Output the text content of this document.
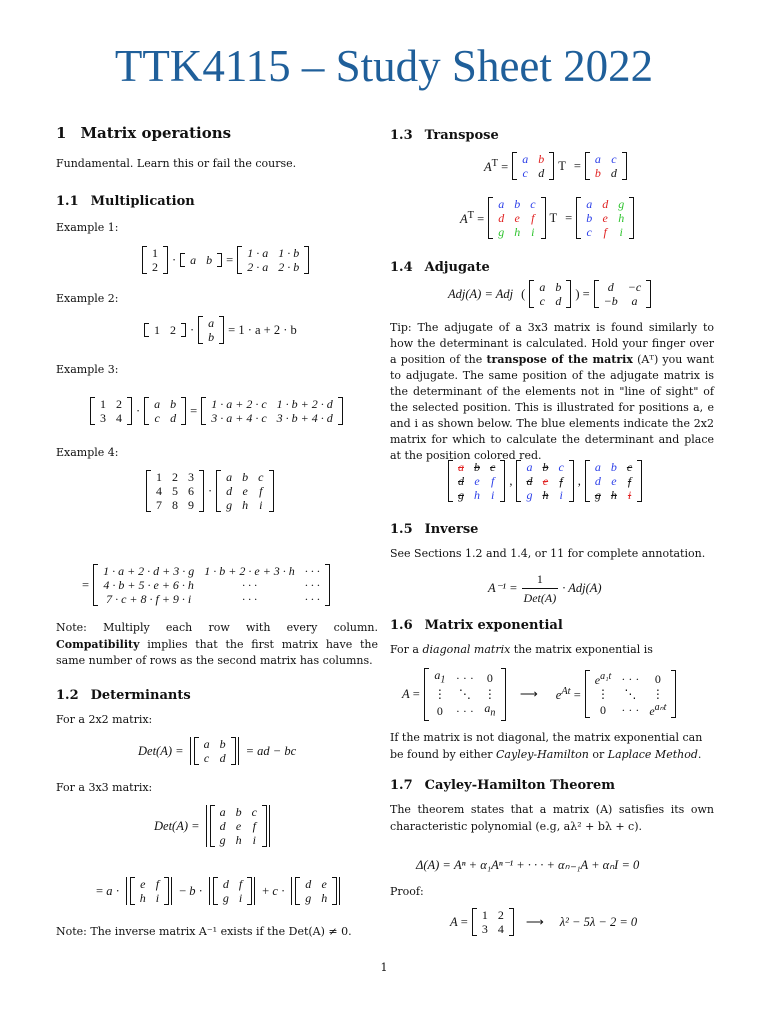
TTK4115 – Study Sheet 2022
1 Matrix operations

Fundamental. Learn this or fail the course.

1.1 Multiplication

Example 1:

1
2
· a	b = 1 · a	1 · b
2 · a	2 · b

Example 2:

1	2 · a
b
= 1 · a + 2 · b

Example 3:

1	2
3	4
· a	b
c	d
= 1 · a + 2 · c	1 · b + 2 · d
3 · a + 4 · c	3 · b + 4 · d

Example 4:

1	2	3
4	5	6
7	8	9
·
a	b	c
d	e	f
g	h	i
=
1 · a + 2 · d + 3 · g	1 · b + 2 · e + 3 · h	· · ·
4 · b + 5 · e + 6 · h	· · ·	· · ·
7 · c + 8 · f + 9 · i	· · ·	· · ·

Note: Multiply each row with every column. Compatibility implies that the first matrix have the same number of rows as the second matrix has columns.

1.2 Determinants

For a 2x2 matrix:

Det(A) = a	b
c	d
= ad − bc

For a 3x3 matrix:

Det(A) =
a	b	c
d	e	f
g	h	i
= a · e	f
h	i
− b · d	f
g	i
+ c · d	e
g	h

Note: The inverse matrix A⁻¹ exists if the Det(A) ≠ 0.

1.3 Transpose
$A^T$ =
a	b
c	d
T = a	c
b	d
$A^T$ =
a	b	c
d	e	f
g	h	i
T =
a	d	g
b	e	h
c	f	i
1.4 Adjugate
Adj(A) = Adj ( a	b
c	d
) = d	−c
−b	a

Tip: The adjugate of a 3x3 matrix is found similarly to how the determinant is calculated. Hold your finger over a position of the transpose of the matrix (Aᵀ) you want to adjugate. The same position of the adjugate matrix is the determinant of the elements not in "line of sight" of the selected position. This is illustrated for positions a, e and i as shown below. The blue elements indicate the 2x2 matrix for which to calculate the determinant and place at the position colored red.

a	b	c
d	e	f
g	h	i
,
a	b	c
d	e	f
g	h	i
,
a	b	c
d	e	f
g	h	i
1.5 Inverse

See Sections 1.2 and 1.4, or 11 for complete annotation.

A⁻¹ =
1
Det(A)
· Adj(A)
1.6 Matrix exponential

For a diagonal matrix the matrix exponential is

A =
$a_1$	· · ·	0
⋮	⋱	⋮
0	· · ·	$a_n$
⟶ $e^{At}$ =
$e^{a_1t}$	· · ·	0
⋮	⋱	⋮
0	· · ·	$e^{a_nt}$

If the matrix is not diagonal, the matrix exponential can be found by either Cayley-Hamilton or Laplace Method.

1.7 Cayley-Hamilton Theorem

The theorem states that a matrix (A) satisfies its own characteristic polynomial (e.g, aλ² + bλ + c).

Δ(A) = Aⁿ + α₁Aⁿ⁻¹ + · · · + αₙ₋₁A + αₙI = 0

Proof:

A = 1	2
3	4
⟶ λ² − 5λ − 2 = 0
1
